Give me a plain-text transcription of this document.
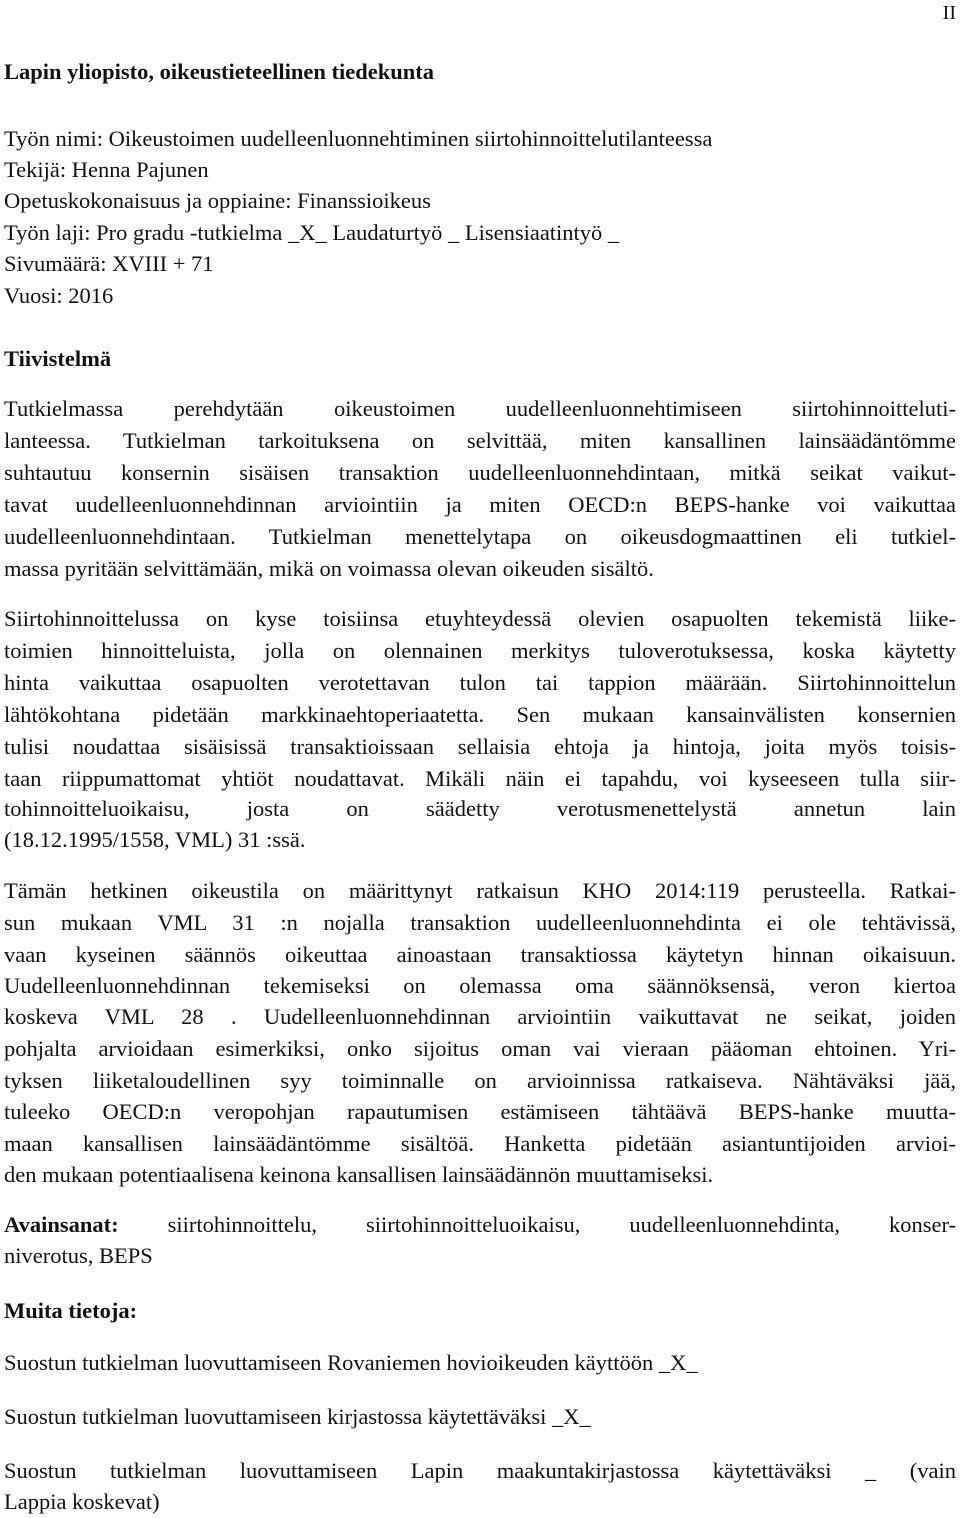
II
Lapin yliopisto, oikeustieteellinen tiedekunta
Työn nimi: Oikeustoimen uudelleenluonnehtiminen siirtohinnoittelutilanteessa
Tekijä: Henna Pajunen
Opetuskokonaisuus ja oppiaine: Finanssioikeus
Työn laji: Pro gradu -tutkielma _X_ Laudaturtyö _ Lisensiaatintyö _
Sivumäärä: XVIII + 71
Vuosi: 2016
Tiivistelmä
Tutkielmassa perehdytään oikeustoimen uudelleenluonnehtimiseen siirtohinnoitteluti-
lanteessa. Tutkielman tarkoituksena on selvittää, miten kansallinen lainsäädäntömme
suhtautuu konsernin sisäisen transaktion uudelleenluonnehdintaan, mitkä seikat vaikut-
tavat uudelleenluonnehdinnan arviointiin ja miten OECD:n BEPS-hanke voi vaikuttaa
uudelleenluonnehdintaan. Tutkielman menettelytapa on oikeusdogmaattinen eli tutkiel-
massa pyritään selvittämään, mikä on voimassa olevan oikeuden sisältö.
Siirtohinnoittelussa on kyse toisiinsa etuyhteydessä olevien osapuolten tekemistä liike-
toimien hinnoitteluista, jolla on olennainen merkitys tuloverotuksessa, koska käytetty
hinta vaikuttaa osapuolten verotettavan tulon tai tappion määrään. Siirtohinnoittelun
lähtökohtana pidetään markkinaehtoperiaatetta. Sen mukaan kansainvälisten konsernien
tulisi noudattaa sisäisissä transaktioissaan sellaisia ehtoja ja hintoja, joita myös toisis-
taan riippumattomat yhtiöt noudattavat. Mikäli näin ei tapahdu, voi kyseeseen tulla siir-
tohinnoitteluoikaisu, josta on säädetty verotusmenettelystä annetun lain
(18.12.1995/1558, VML) 31 :ssä.
Tämän hetkinen oikeustila on määrittynyt ratkaisun KHO 2014:119 perusteella. Ratkai-
sun mukaan VML 31 :n nojalla transaktion uudelleenluonnehdinta ei ole tehtävissä,
vaan kyseinen säännös oikeuttaa ainoastaan transaktiossa käytetyn hinnan oikaisuun.
Uudelleenluonnehdinnan tekemiseksi on olemassa oma säännöksensä, veron kiertoa
koskeva VML 28 . Uudelleenluonnehdinnan arviointiin vaikuttavat ne seikat, joiden
pohjalta arvioidaan esimerkiksi, onko sijoitus oman vai vieraan pääoman ehtoinen. Yri-
tyksen liiketaloudellinen syy toiminnalle on arvioinnissa ratkaiseva. Nähtäväksi jää,
tuleeko OECD:n veropohjan rapautumisen estämiseen tähtäävä BEPS-hanke muutta-
maan kansallisen lainsäädäntömme sisältöä. Hanketta pidetään asiantuntijoiden arvioi-
den mukaan potentiaalisena keinona kansallisen lainsäädännön muuttamiseksi.
Avainsanat: siirtohinnoittelu, siirtohinnoitteluoikaisu, uudelleenluonnehdinta, konser-
niverotus, BEPS
Muita tietoja:
Suostun tutkielman luovuttamiseen Rovaniemen hovioikeuden käyttöön _X_
Suostun tutkielman luovuttamiseen kirjastossa käytettäväksi _X_
Suostun tutkielman luovuttamiseen Lapin maakuntakirjastossa käytettäväksi _ (vain
Lappia koskevat)
